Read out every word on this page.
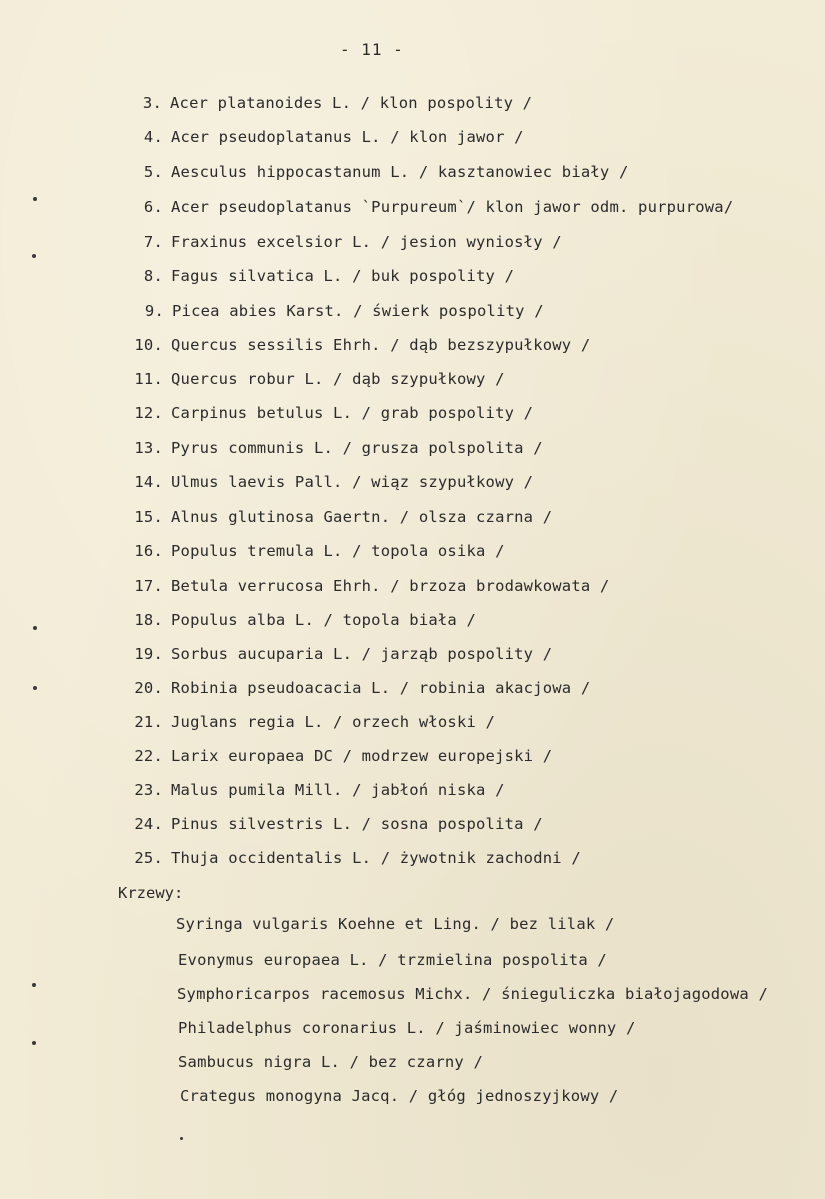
- 11 -
3. Acer platanoides L. / klon pospolity /
4. Acer pseudoplatanus L. / klon jawor /
5. Aesculus hippocastanum L. / kasztanowiec biały /
6. Acer pseudoplatanus `Purpureum`/ klon jawor odm. purpurowa/
7. Fraxinus excelsior L. / jesion wyniosły /
8. Fagus silvatica L. / buk pospolity /
9. Picea abies Karst. / świerk pospolity /
10. Quercus sessilis Ehrh. / dąb bezszypułkowy /
11. Quercus robur L. / dąb szypułkowy /
12. Carpinus betulus L. / grab pospolity /
13. Pyrus communis L. / grusza polspolita /
14. Ulmus laevis Pall. / wiąz szypułkowy /
15. Alnus glutinosa Gaertn. / olsza czarna /
16. Populus tremula L. / topola osika /
17. Betula verrucosa Ehrh. / brzoza brodawkowata /
18. Populus alba L. / topola biała /
19. Sorbus aucuparia L. / jarząb pospolity /
20. Robinia pseudoacacia L. / robinia akacjowa /
21. Juglans regia L. / orzech włoski /
22. Larix europaea DC / modrzew europejski /
23. Malus pumila Mill. / jabłoń niska /
24. Pinus silvestris L. / sosna pospolita /
25. Thuja occidentalis L. / żywotnik zachodni /
Krzewy:
Syringa vulgaris Koehne et Ling. / bez lilak /
Evonymus europaea L. / trzmielina pospolita /
Symphoricarpos racemosus Michx. / śnieguliczka białojagodowa /
Philadelphus coronarius L. / jaśminowiec wonny /
Sambucus nigra L. / bez czarny /
Crategus monogyna Jacq. / głóg jednoszyjkowy /
